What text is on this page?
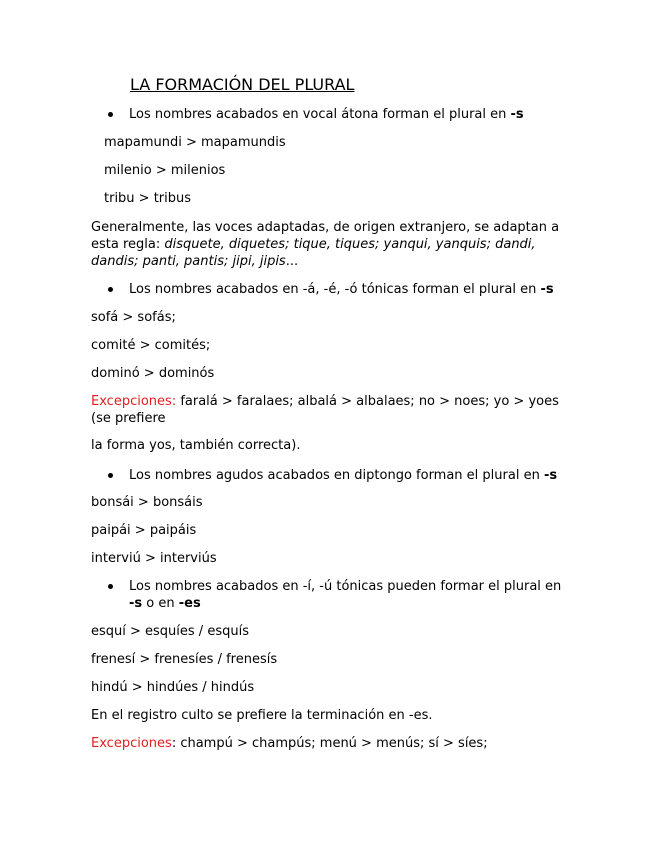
LA FORMACIÓN DEL PLURAL
Los nombres acabados en vocal átona forman el plural en -s
mapamundi > mapamundis
milenio > milenios
tribu > tribus
Generalmente, las voces adaptadas, de origen extranjero, se adaptan a
esta regla: disquete, diquetes; tique, tiques; yanqui, yanquis; dandi,
dandis; panti, pantis; jipi, jipis...
Los nombres acabados en -á, -é, -ó tónicas forman el plural en -s
sofá > sofás;
comité > comités;
dominó > dominós
Excepciones: faralá > faralaes; albalá > albalaes; no > noes; yo > yoes
(se prefiere
la forma yos, también correcta).
Los nombres agudos acabados en diptongo forman el plural en -s
bonsái > bonsáis
paipái > paipáis
interviú > interviús
Los nombres acabados en -í, -ú tónicas pueden formar el plural en
-s o en -es
esquí > esquíes / esquís
frenesí > frenesíes / frenesís
hindú > hindúes / hindús
En el registro culto se prefiere la terminación en -es.
Excepciones: champú > champús; menú > menús; sí > síes;
